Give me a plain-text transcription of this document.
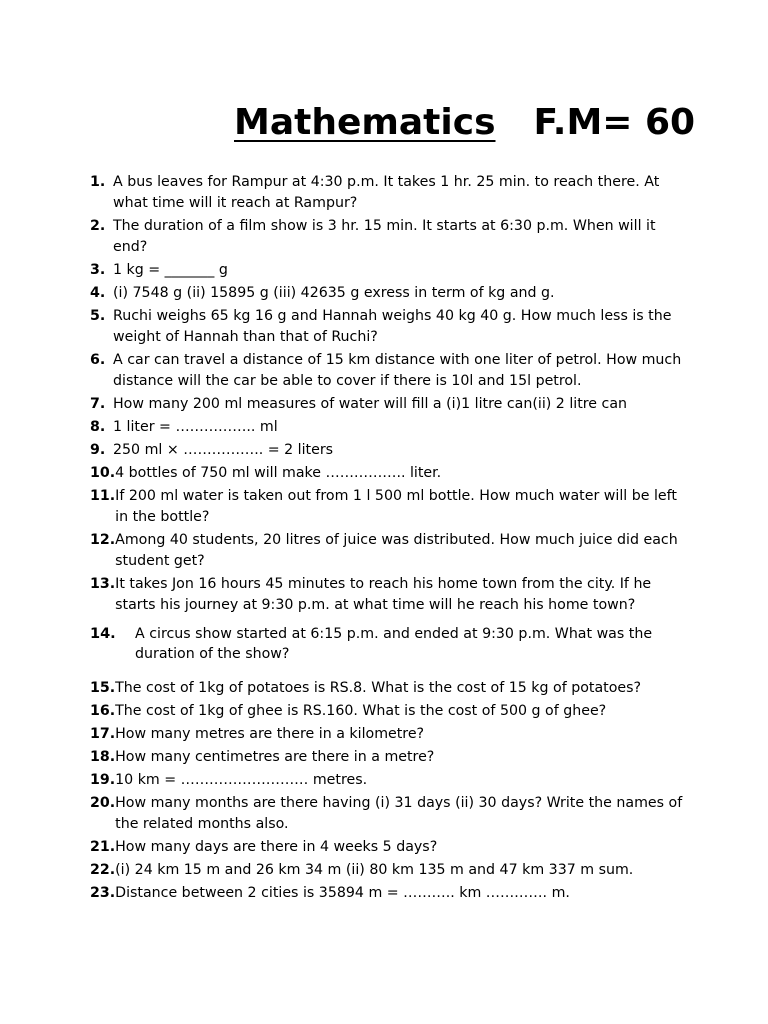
Mathematics F.M= 60
1. A bus leaves for Rampur at 4:30 p.m. It takes 1 hr. 25 min. to reach there. At what time will it reach at Rampur?
2. The duration of a film show is 3 hr. 15 min. It starts at 6:30 p.m. When will it end?
3. 1 kg = _______ g
4. (i) 7548 g (ii) 15895 g (iii) 42635 g exress in term of kg and g.
5. Ruchi weighs 65 kg 16 g and Hannah weighs 40 kg 40 g. How much less is the weight of Hannah than that of Ruchi?
6. A car can travel a distance of 15 km distance with one liter of petrol. How much distance will the car be able to cover if there is 10l and 15l petrol.
7. How many 200 ml measures of water will fill a (i)1 litre can(ii) 2 litre can
8. 1 liter = …………….. ml
9. 250 ml × …………….. = 2 liters
10. 4 bottles of 750 ml will make …………….. liter.
11. If 200 ml water is taken out from 1 l 500 ml bottle. How much water will be left in the bottle?
12. Among 40 students, 20 litres of juice was distributed. How much juice did each student get?
13. It takes Jon 16 hours 45 minutes to reach his home town from the city. If he starts his journey at 9:30 p.m. at what time will he reach his home town?
14.	A circus show started at 6:15 p.m. and ended at 9:30 p.m. What was the duration of the show?
15. The cost of 1kg of potatoes is RS.8. What is the cost of 15 kg of potatoes?
16. The cost of 1kg of ghee is RS.160. What is the cost of 500 g of ghee?
17. How many metres are there in a kilometre?
18. How many centimetres are there in a metre?
19. 10 km = ……………………… metres.
20. How many months are there having (i) 31 days (ii) 30 days? Write the names of the related months also.
21. How many days are there in 4 weeks 5 days?
22. (i) 24 km 15 m and 26 km 34 m (ii) 80 km 135 m and 47 km 337 m sum.
23. Distance between 2 cities is 35894 m = ……….. km …………. m.
